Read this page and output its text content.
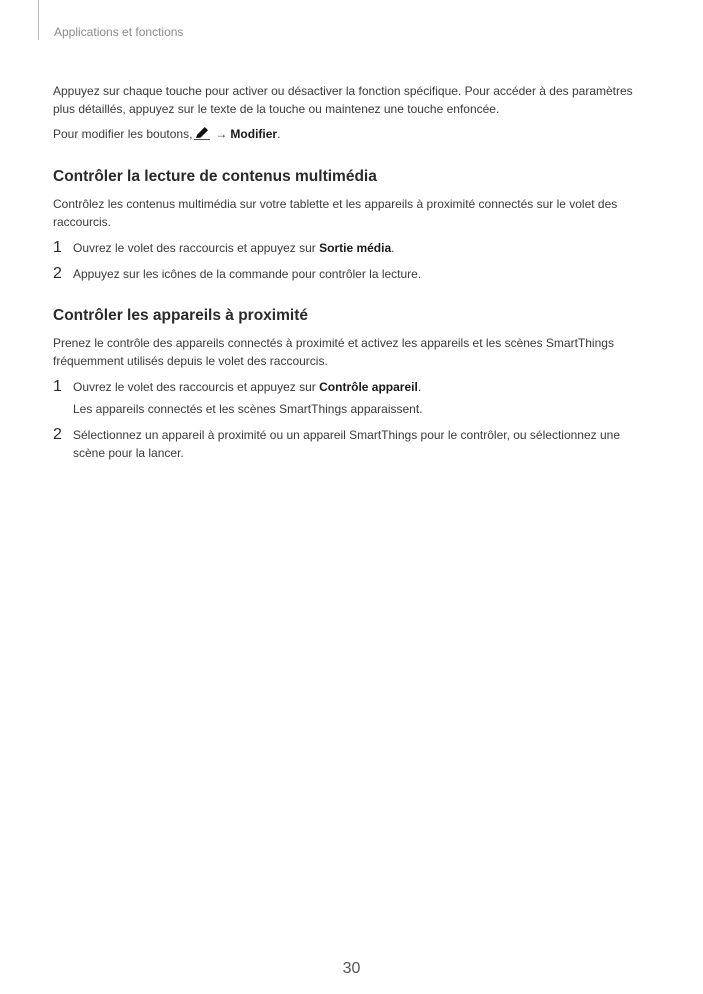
Applications et fonctions

Appuyez sur chaque touche pour activer ou désactiver la fonction spécifique. Pour accéder à des paramètres plus détaillés, appuyez sur le texte de la touche ou maintenez une touche enfoncée.

Pour modifier les boutons, → Modifier.

Contrôler la lecture de contenus multimédia

Contrôlez les contenus multimédia sur votre tablette et les appareils à proximité connectés sur le volet des raccourcis.

1 Ouvrez le volet des raccourcis et appuyez sur Sortie média.

2 Appuyez sur les icônes de la commande pour contrôler la lecture.

Contrôler les appareils à proximité

Prenez le contrôle des appareils connectés à proximité et activez les appareils et les scènes SmartThings fréquemment utilisés depuis le volet des raccourcis.

1 Ouvrez le volet des raccourcis et appuyez sur Contrôle appareil.

Les appareils connectés et les scènes SmartThings apparaissent.

2 Sélectionnez un appareil à proximité ou un appareil SmartThings pour le contrôler, ou sélectionnez une scène pour la lancer.

30
